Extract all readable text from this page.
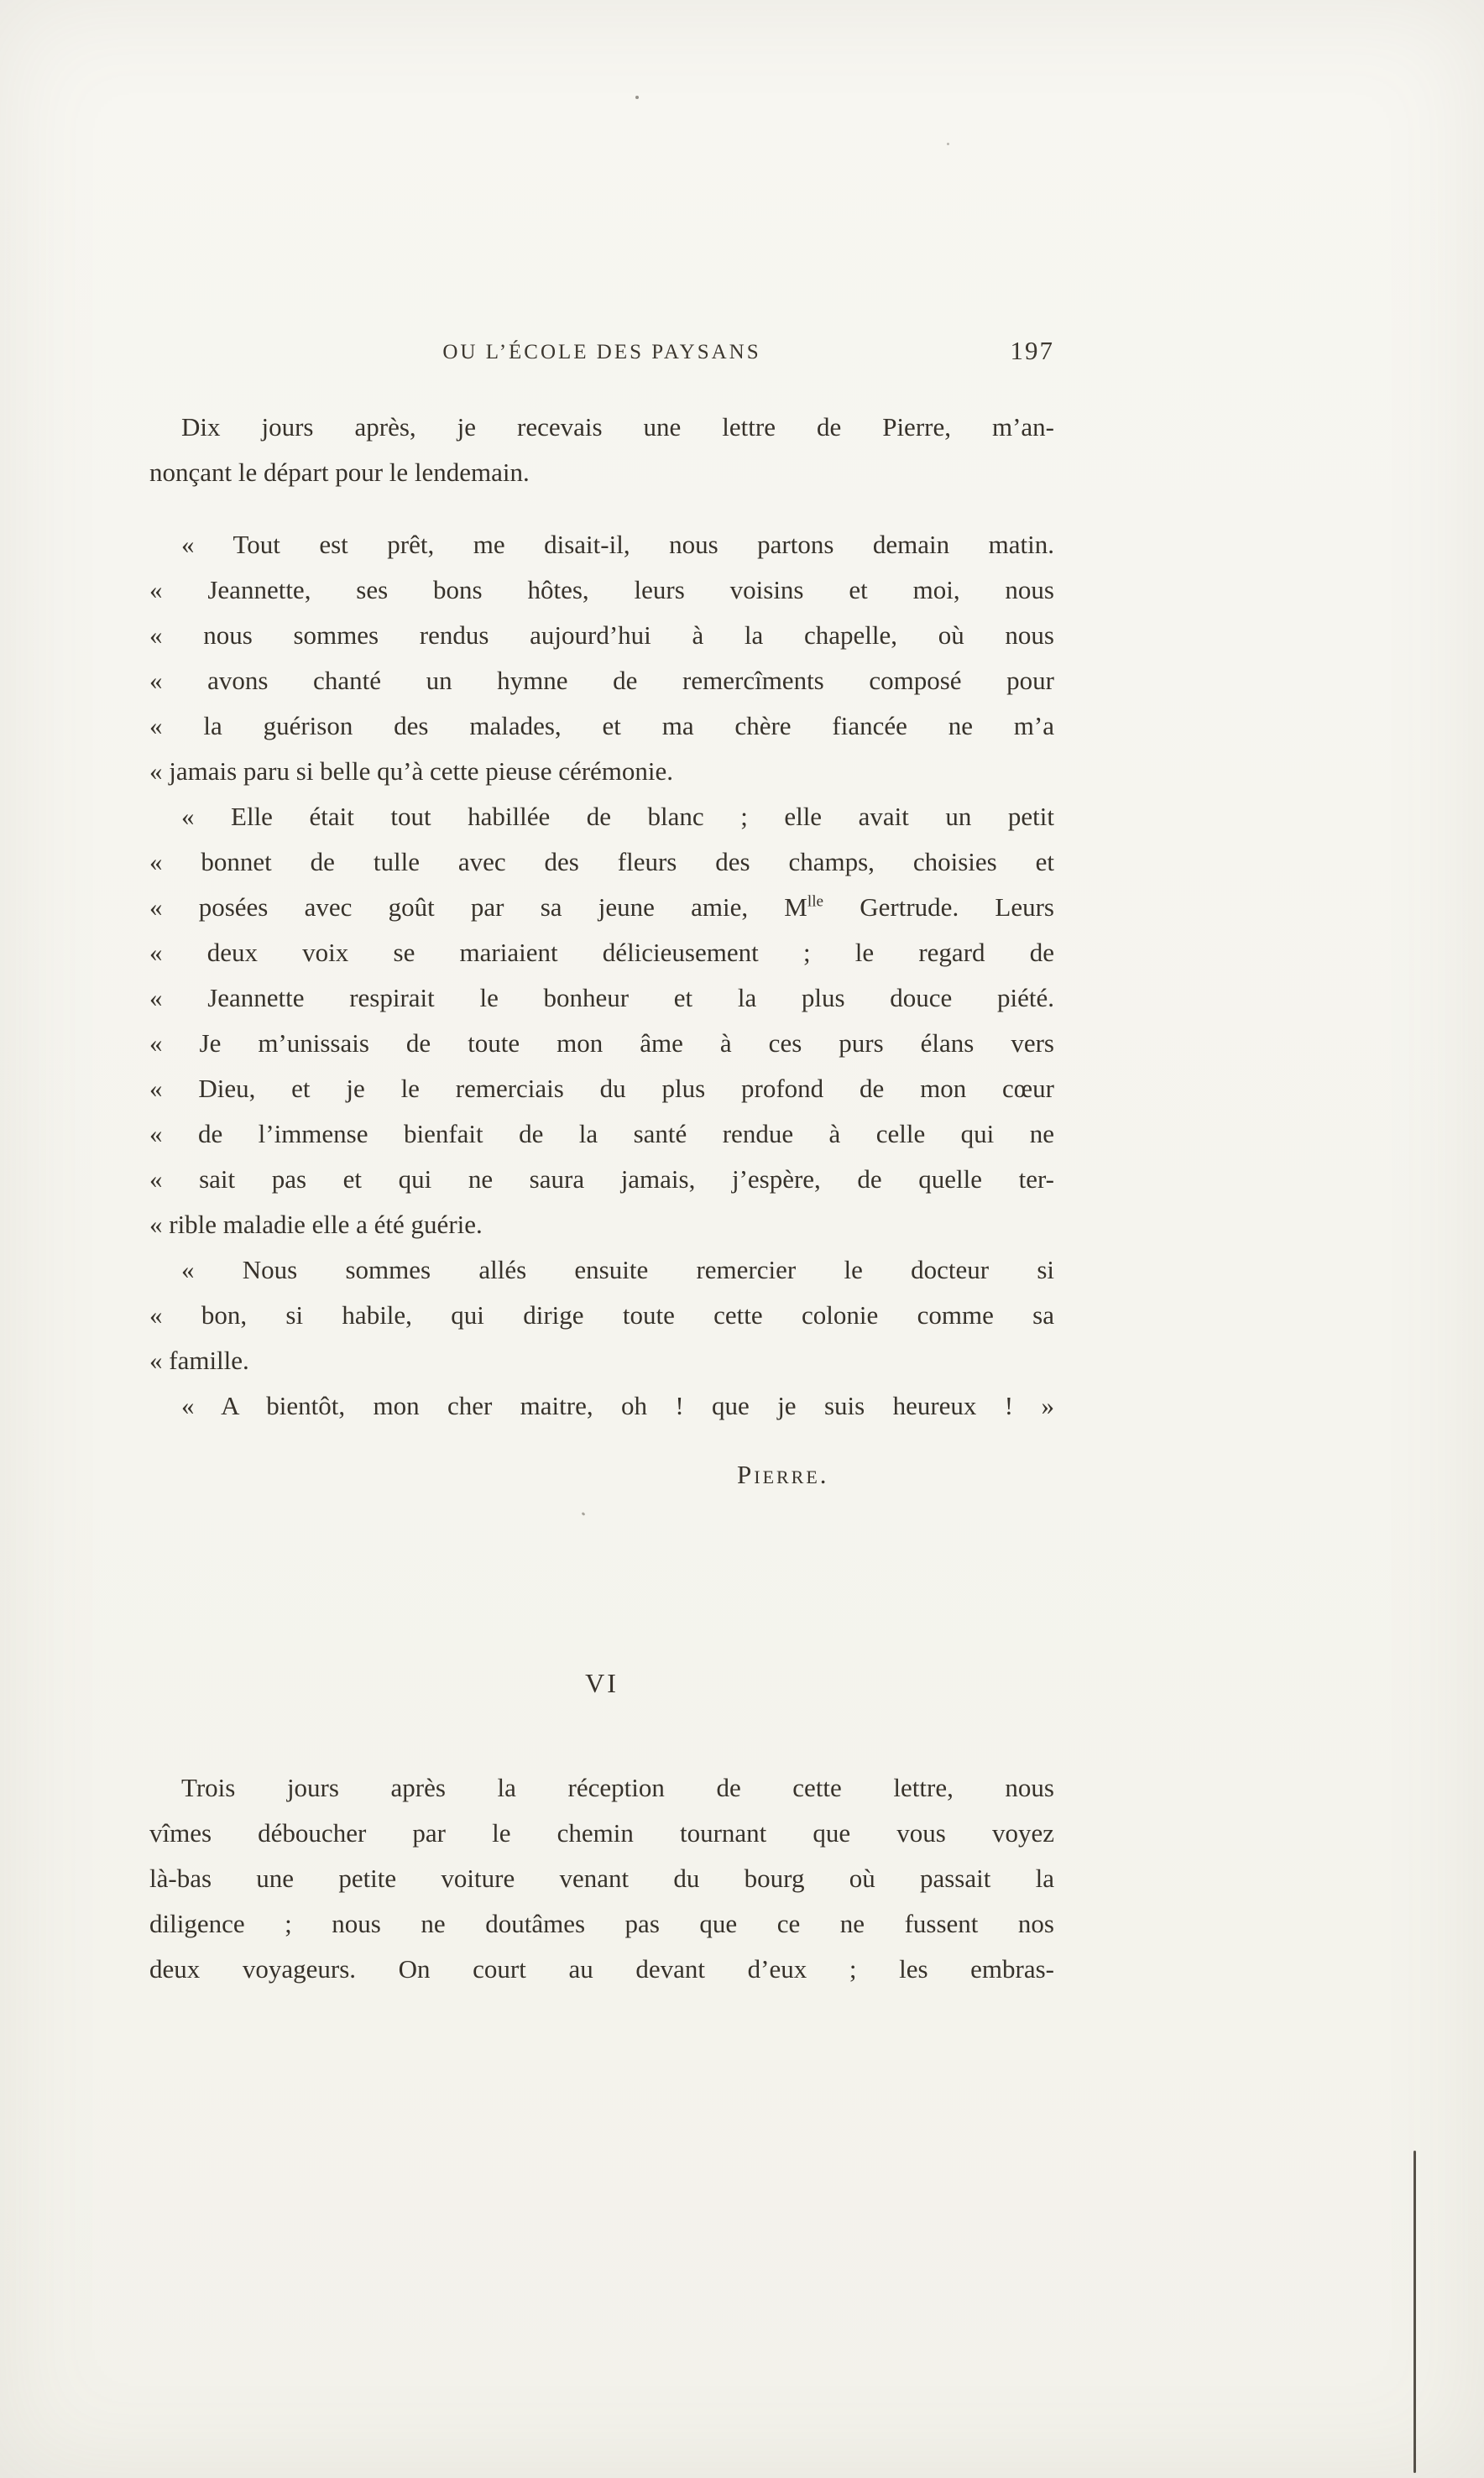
OU L’ÉCOLE DES PAYSANS	197
Dix jours après, je recevais une lettre de Pierre, m’an-
nonçant le départ pour le lendemain.
« Tout est prêt, me disait-il, nous partons demain matin.
« Jeannette, ses bons hôtes, leurs voisins et moi, nous
« nous sommes rendus aujourd’hui à la chapelle, où nous
« avons chanté un hymne de remercîments composé pour
« la guérison des malades, et ma chère fiancée ne m’a
« jamais paru si belle qu’à cette pieuse cérémonie.
« Elle était tout habillée de blanc ; elle avait un petit
« bonnet de tulle avec des fleurs des champs, choisies et
« posées avec goût par sa jeune amie, $M^{lle}$ Gertrude. Leurs
« deux voix se mariaient délicieusement ; le regard de
« Jeannette respirait le bonheur et la plus douce piété.
« Je m’unissais de toute mon âme à ces purs élans vers
« Dieu, et je le remerciais du plus profond de mon cœur
« de l’immense bienfait de la santé rendue à celle qui ne
« sait pas et qui ne saura jamais, j’espère, de quelle ter-
« rible maladie elle a été guérie.
« Nous sommes allés ensuite remercier le docteur si
« bon, si habile, qui dirige toute cette colonie comme sa
« famille.
« A bientôt, mon cher maitre, oh ! que je suis heureux ! »
Pierre.
VI
Trois jours après la réception de cette lettre, nous
vîmes déboucher par le chemin tournant que vous voyez
là-bas une petite voiture venant du bourg où passait la
diligence ; nous ne doutâmes pas que ce ne fussent nos
deux voyageurs. On court au devant d’eux ; les embras-
